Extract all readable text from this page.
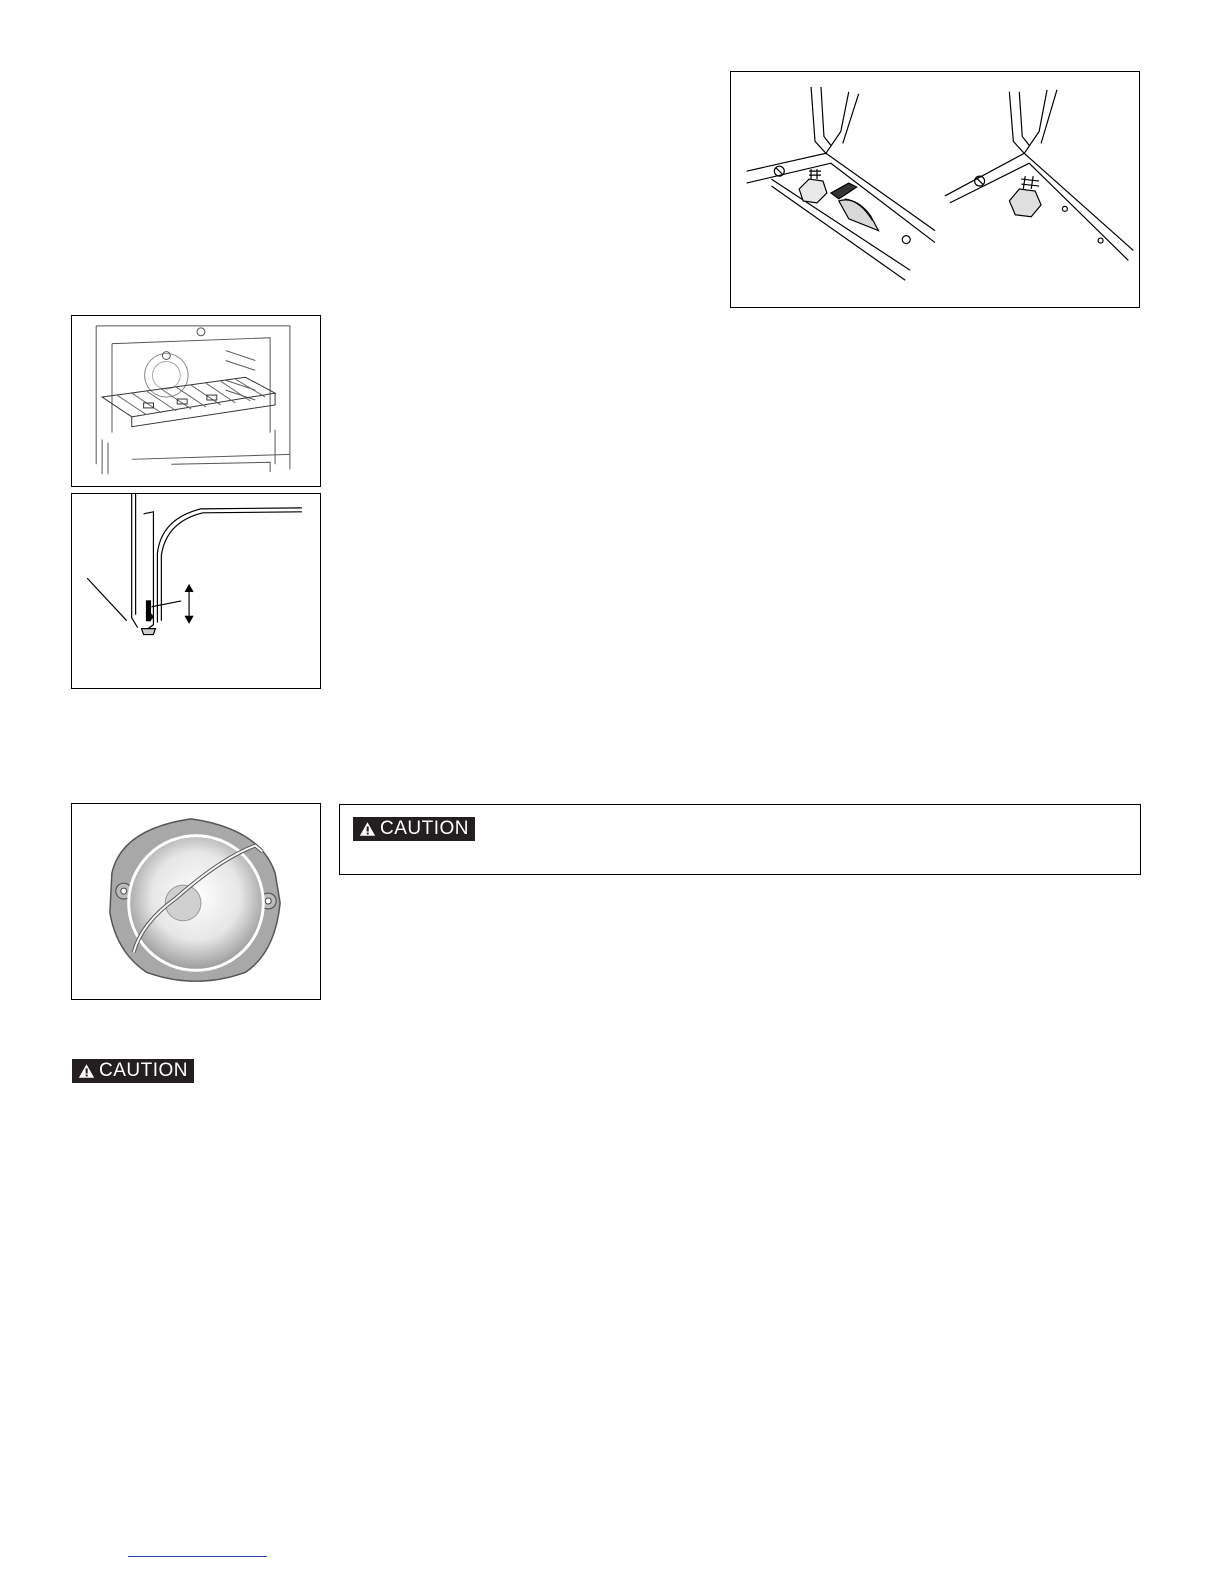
CAUTION
CAUTION
